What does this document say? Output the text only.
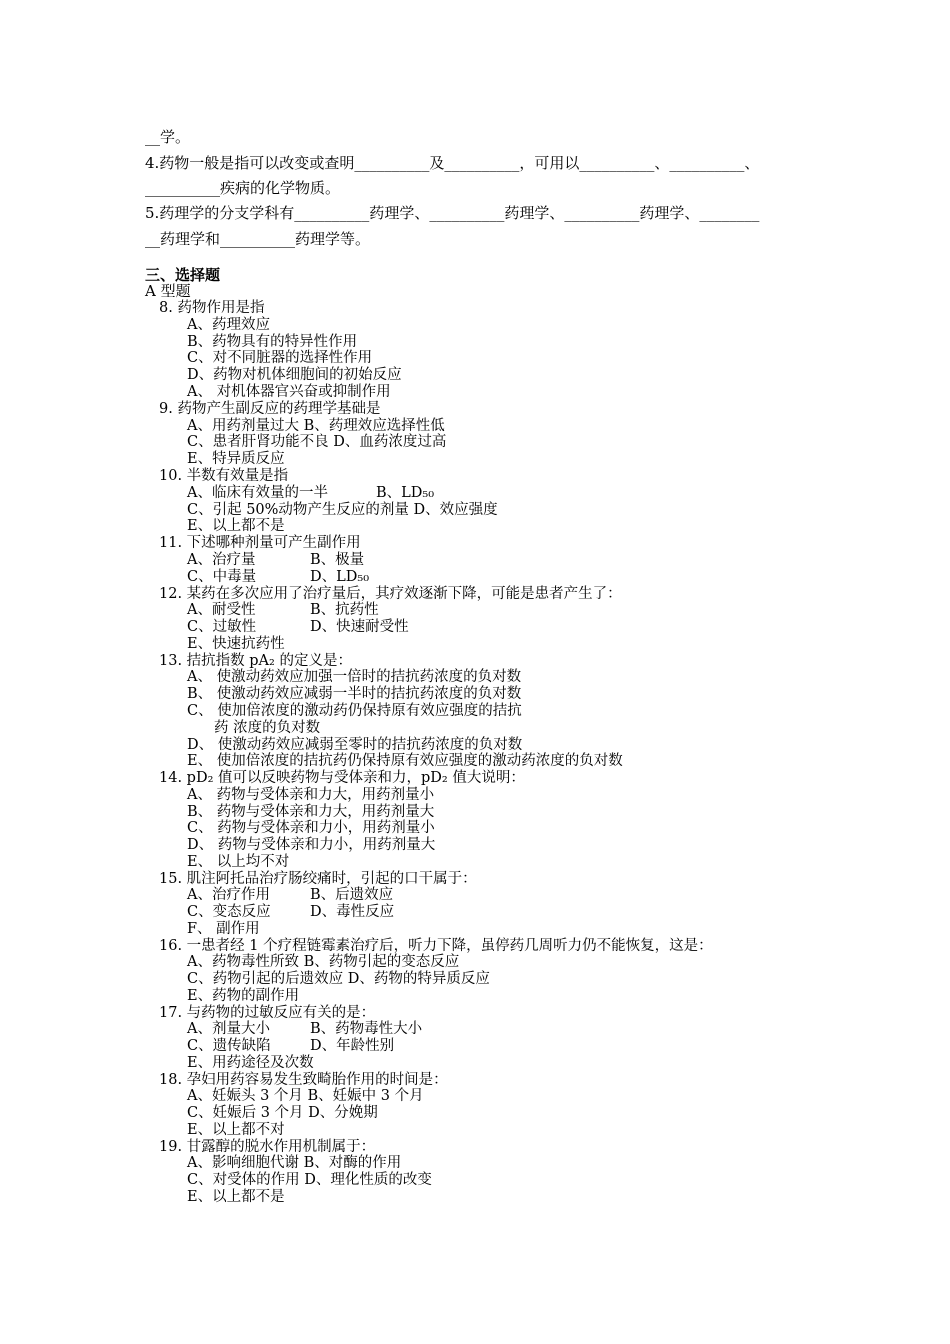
__学。
4.药物一般是指可以改变或查明__________及__________，可用以__________、__________、
__________疾病的化学物质。
5.药理学的分支学科有__________药理学、__________药理学、__________药理学、________
__药理学和__________药理学等。
三、选择题
A 型题
8. 药物作用是指
A、药理效应
B、药物具有的特异性作用
C、对不同脏器的选择性作用
D、药物对机体细胞间的初始反应
A、 对机体器官兴奋或抑制作用
9. 药物产生副反应的药理学基础是
A、用药剂量过大 B、药理效应选择性低
C、患者肝肾功能不良 D、血药浓度过高
E、特异质反应
10. 半数有效量是指
A、临床有效量的一半	B、LD₅₀
C、引起 50%动物产生反应的剂量 D、效应强度
E、以上都不是
11. 下述哪种剂量可产生副作用
A、治疗量	B、极量
C、中毒量	D、LD₅₀
12. 某药在多次应用了治疗量后，其疗效逐渐下降，可能是患者产生了：
A、耐受性	B、抗药性
C、过敏性	D、快速耐受性
E、快速抗药性
13. 拮抗指数 pA₂ 的定义是：
A、 使激动药效应加强一倍时的拮抗药浓度的负对数
B、 使激动药效应减弱一半时的拮抗药浓度的负对数
C、 使加倍浓度的激动药仍保持原有效应强度的拮抗
药 浓度的负对数
D、 使激动药效应减弱至零时的拮抗药浓度的负对数
E、 使加倍浓度的拮抗药仍保持原有效应强度的激动药浓度的负对数
14. pD₂ 值可以反映药物与受体亲和力，pD₂ 值大说明：
A、 药物与受体亲和力大，用药剂量小
B、 药物与受体亲和力大，用药剂量大
C、 药物与受体亲和力小，用药剂量小
D、 药物与受体亲和力小，用药剂量大
E、 以上均不对
15. 肌注阿托品治疗肠绞痛时，引起的口干属于：
A、治疗作用	B、后遗效应
C、变态反应	D、毒性反应
F、 副作用
16. 一患者经 1 个疗程链霉素治疗后，听力下降，虽停药几周听力仍不能恢复，这是：
A、药物毒性所致 B、药物引起的变态反应
C、药物引起的后遗效应 D、药物的特异质反应
E、药物的副作用
17. 与药物的过敏反应有关的是：
A、剂量大小	B、药物毒性大小
C、遗传缺陷	D、年龄性别
E、用药途径及次数
18. 孕妇用药容易发生致畸胎作用的时间是：
A、妊娠头 3 个月 B、妊娠中 3 个月
C、妊娠后 3 个月 D、分娩期
E、以上都不对
19. 甘露醇的脱水作用机制属于：
A、影响细胞代谢 B、对酶的作用
C、对受体的作用 D、理化性质的改变
E、以上都不是
